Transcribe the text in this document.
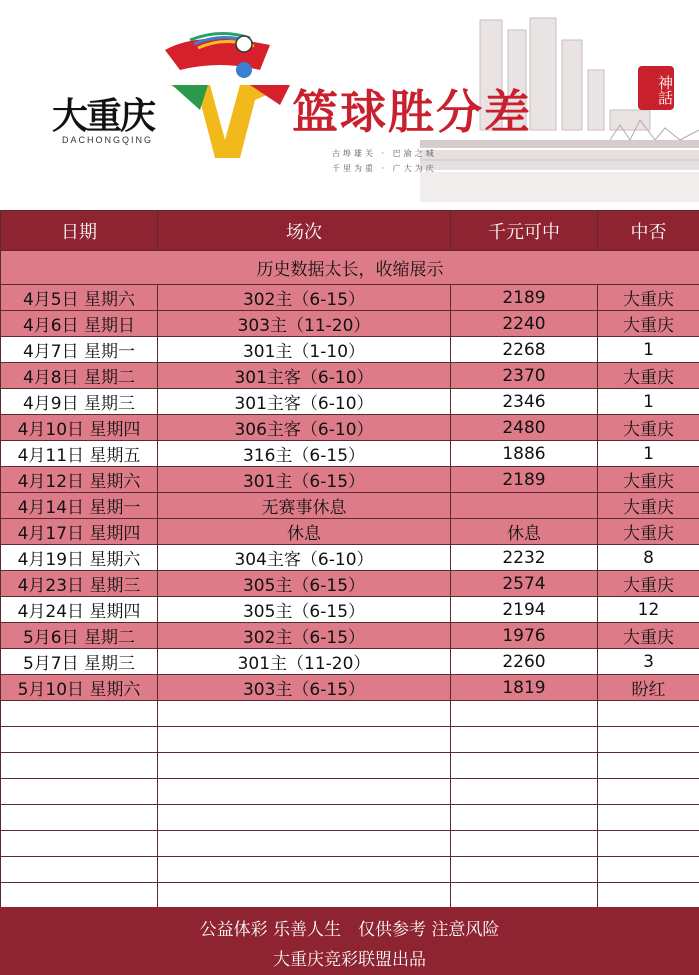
大重庆
DACHONGQING
篮球胜分差
古埠雄关 · 巴渝之城
千里为重 · 广大为庆
神話
日期	场次	千元可中	中否
历史数据太长，收缩展示			
4月5日 星期六	302主（6-15）	2189	大重庆
4月6日 星期日	303主（11-20）	2240	大重庆
4月7日 星期一	301主（1-10）	2268	1
4月8日 星期二	301主客（6-10）	2370	大重庆
4月9日 星期三	301主客（6-10）	2346	1
4月10日 星期四	306主客（6-10）	2480	大重庆
4月11日 星期五	316主（6-15）	1886	1
4月12日 星期六	301主（6-15）	2189	大重庆
4月14日 星期一	无赛事休息		大重庆
4月17日 星期四	休息	休息	大重庆
4月19日 星期六	304主客（6-10）	2232	8
4月23日 星期三	305主（6-15）	2574	大重庆
4月24日 星期四	305主（6-15）	2194	12
5月6日 星期二	302主（6-15）	1976	大重庆
5月7日 星期三	301主（11-20）	2260	3
5月10日 星期六	303主（6-15）	1819	盼红

公益体彩 乐善人生　仅供参考 注意风险
大重庆竞彩联盟出品
